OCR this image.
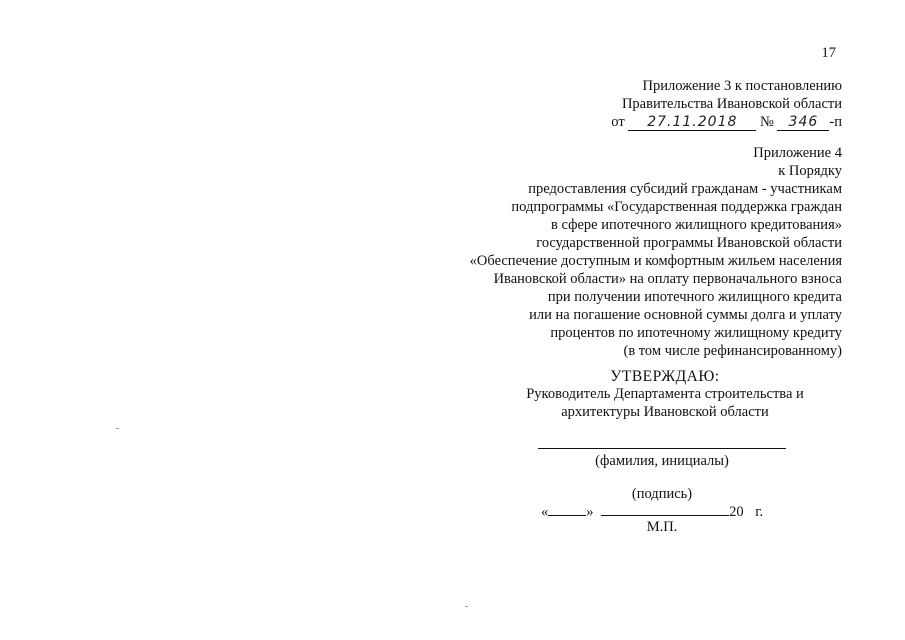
17
Приложение 3 к постановлению
Правительства Ивановской области
от 27.11.2018 № 346 -п
Приложение 4
к Порядку
предоставления субсидий гражданам - участникам
подпрограммы «Государственная поддержка граждан
в сфере ипотечного жилищного кредитования»
государственной программы Ивановской области
«Обеспечение доступным и комфортным жильем населения
Ивановской области» на оплату первоначального взноса
при получении ипотечного жилищного кредита
или на погашение основной суммы долга и уплату
процентов по ипотечному жилищному кредиту
(в том числе рефинансированному)
УТВЕРЖДАЮ:
Руководитель Департамента строительства и
архитектуры Ивановской области
(фамилия, инициалы)
(подпись)
«	»	20 г.
М.П.
